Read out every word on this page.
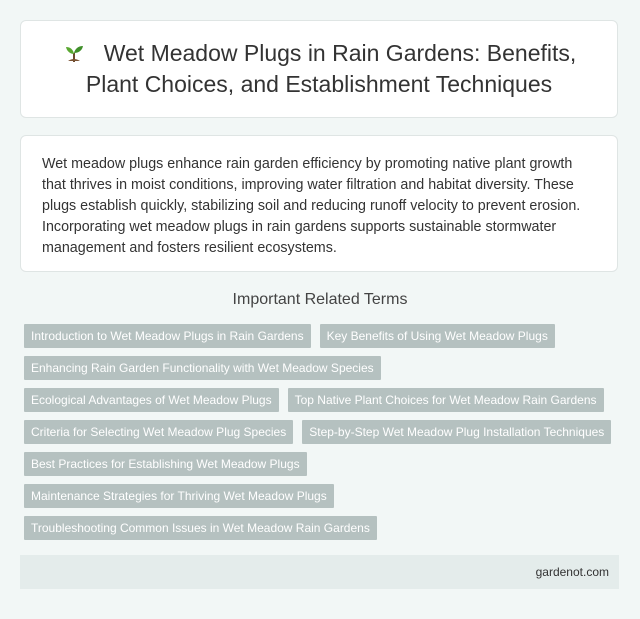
Wet Meadow Plugs in Rain Gardens: Benefits, Plant Choices, and Establishment Techniques

Wet meadow plugs enhance rain garden efficiency by promoting native plant growth that thrives in moist conditions, improving water filtration and habitat diversity. These plugs establish quickly, stabilizing soil and reducing runoff velocity to prevent erosion. Incorporating wet meadow plugs in rain gardens supports sustainable stormwater management and fosters resilient ecosystems.

Important Related Terms
Introduction to Wet Meadow Plugs in Rain Gardens	Key Benefits of Using Wet Meadow Plugs
Enhancing Rain Garden Functionality with Wet Meadow Species
Ecological Advantages of Wet Meadow Plugs	Top Native Plant Choices for Wet Meadow Rain Gardens
Criteria for Selecting Wet Meadow Plug Species	Step-by-Step Wet Meadow Plug Installation Techniques
Best Practices for Establishing Wet Meadow Plugs
Maintenance Strategies for Thriving Wet Meadow Plugs
Troubleshooting Common Issues in Wet Meadow Rain Gardens
gardenot.com
